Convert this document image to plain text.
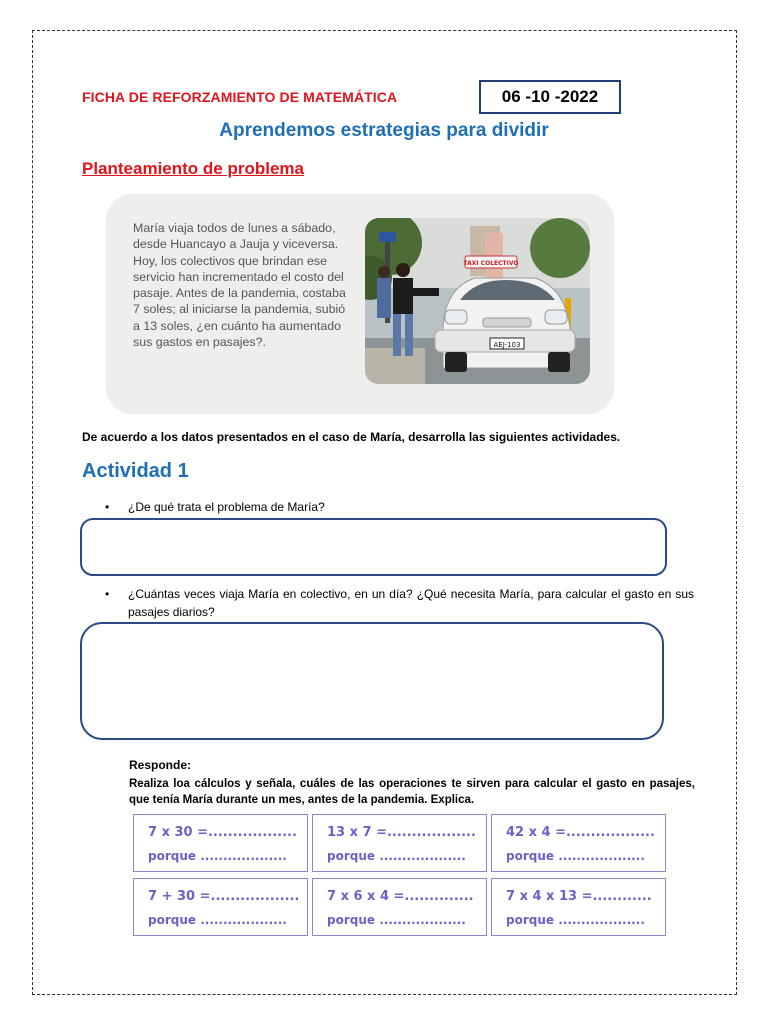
FICHA DE REFORZAMIENTO DE MATEMÁTICA	06 -10 -2022
Aprendemos estrategias para dividir
Planteamiento de problema
María viaja todos de lunes a sábado, desde Huancayo a Jauja y viceversa. Hoy, los colectivos que brindan ese servicio han incrementado el costo del pasaje. Antes de la pandemia, costaba 7 soles; al iniciarse la pandemia, subió a 13 soles, ¿en cuánto ha aumentado sus gastos en pasajes?.
TAXI COLECTIVO
AEJ-103
De acuerdo a los datos presentados en el caso de María, desarrolla las siguientes actividades.
Actividad 1
• ¿De qué trata el problema de María?
• ¿Cuántas veces viaja María en colectivo, en un día? ¿Qué necesita María, para calcular el gasto en sus pasajes diarios?
Responde:
Realiza loa cálculos y señala, cuáles de las operaciones te sirven para calcular el gasto en pasajes, que tenía María durante un mes, antes de la pandemia. Explica.
7 x 30 =..................
porque ...................
13 x 7 =..................
porque ...................
42 x 4 =..................
porque ...................
7 + 30 =..................
porque ...................
7 x 6 x 4 =..............
porque ...................
7 x 4 x 13 =............
porque ...................
